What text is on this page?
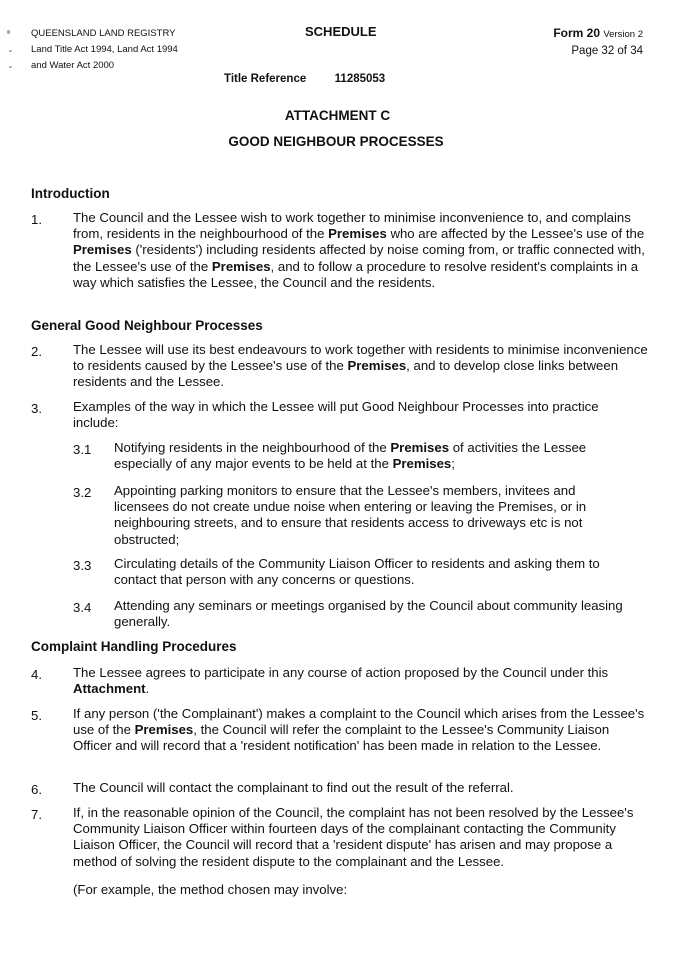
QUEENSLAND LAND REGISTRY
Land Title Act 1994, Land Act 1994
and Water Act 2000
SCHEDULE	Form 20 Version 2
Page 32 of 34
Title Reference 11285053
ATTACHMENT C
GOOD NEIGHBOUR PROCESSES
Introduction
1. The Council and the Lessee wish to work together to minimise inconvenience to, and complains from, residents in the neighbourhood of the Premises who are affected by the Lessee's use of the Premises ('residents') including residents affected by noise coming from, or traffic connected with, the Lessee's use of the Premises, and to follow a procedure to resolve resident's complaints in a way which satisfies the Lessee, the Council and the residents.
General Good Neighbour Processes
2. The Lessee will use its best endeavours to work together with residents to minimise inconvenience to residents caused by the Lessee's use of the Premises, and to develop close links between residents and the Lessee.
3. Examples of the way in which the Lessee will put Good Neighbour Processes into practice include:
3.1 Notifying residents in the neighbourhood of the Premises of activities the Lessee especially of any major events to be held at the Premises;
3.2 Appointing parking monitors to ensure that the Lessee's members, invitees and licensees do not create undue noise when entering or leaving the Premises, or in neighbouring streets, and to ensure that residents access to driveways etc is not obstructed;
3.3 Circulating details of the Community Liaison Officer to residents and asking them to contact that person with any concerns or questions.
3.4 Attending any seminars or meetings organised by the Council about community leasing generally.
Complaint Handling Procedures
4. The Lessee agrees to participate in any course of action proposed by the Council under this Attachment.
5. If any person ('the Complainant') makes a complaint to the Council which arises from the Lessee's use of the Premises, the Council will refer the complaint to the Lessee's Community Liaison Officer and will record that a 'resident notification' has been made in relation to the Lessee.
6. The Council will contact the complainant to find out the result of the referral.
7. If, in the reasonable opinion of the Council, the complaint has not been resolved by the Lessee's Community Liaison Officer within fourteen days of the complainant contacting the Community Liaison Officer, the Council will record that a 'resident dispute' has arisen and may propose a method of solving the resident dispute to the complainant and the Lessee.
(For example, the method chosen may involve:
